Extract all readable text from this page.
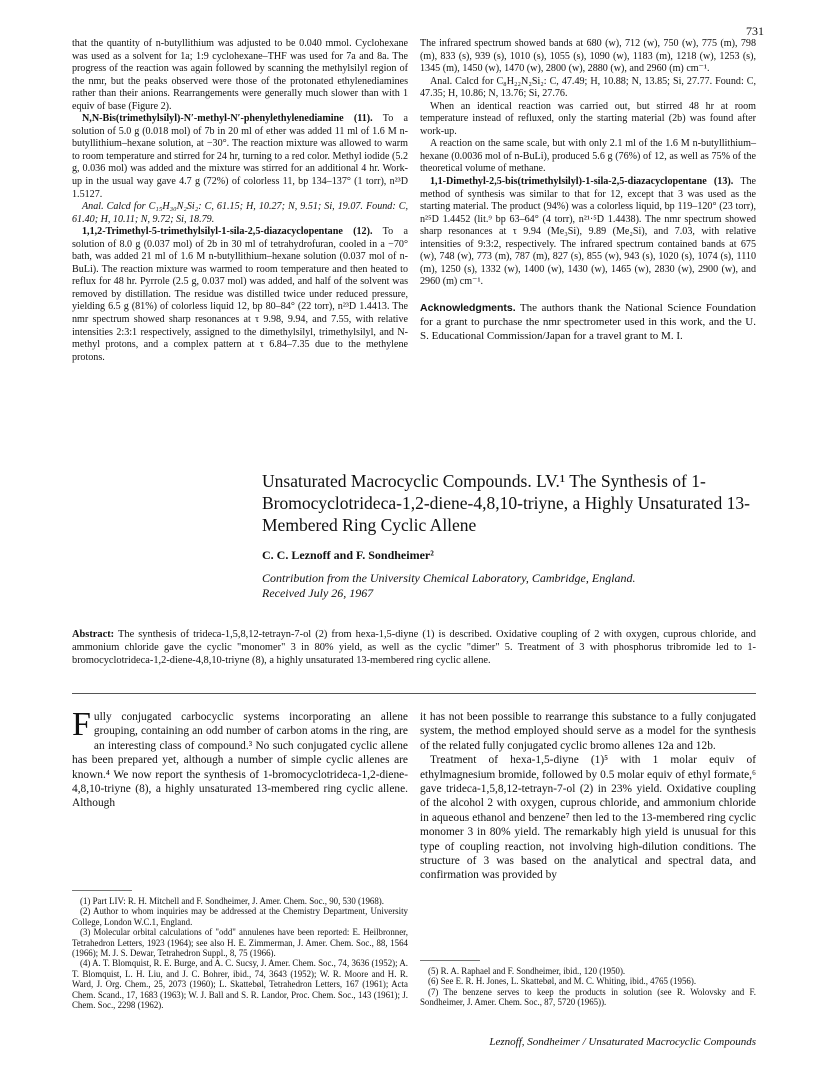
731

that the quantity of n-butyllithium was adjusted to be 0.040 mmol. Cyclohexane was used as a solvent for 1a; 1:9 cyclohexane–THF was used for 7a and 8a. The progress of the reaction was again followed by scanning the methylsilyl region of the nmr, but the peaks observed were those of the protonated ethylenediamines rather than their anions. Rearrangements were generally much slower than with 1 equiv of base (Figure 2).

N,N-Bis(trimethylsilyl)-N′-methyl-N′-phenylethylenediamine (11). To a solution of 5.0 g (0.018 mol) of 7b in 20 ml of ether was added 11 ml of 1.6 M n-butyllithium–hexane solution, at −30°. The reaction mixture was allowed to warm to room temperature and stirred for 24 hr, turning to a red color. Methyl iodide (5.2 g, 0.036 mol) was added and the mixture was stirred for an additional 4 hr. Work-up in the usual way gave 4.7 g (72%) of colorless 11, bp 134–137° (1 torr), n²³D 1.5127.

Anal. Calcd for C₁₅H₃₀N₂Si₂: C, 61.15; H, 10.27; N, 9.51; Si, 19.07. Found: C, 61.40; H, 10.11; N, 9.72; Si, 18.79.

1,1,2-Trimethyl-5-trimethylsilyl-1-sila-2,5-diazacyclopentane (12). To a solution of 8.0 g (0.037 mol) of 2b in 30 ml of tetrahydrofuran, cooled in a −70° bath, was added 21 ml of 1.6 M n-butyllithium–hexane solution (0.037 mol of n-BuLi). The reaction mixture was warmed to room temperature and then heated to reflux for 48 hr. Pyrrole (2.5 g, 0.037 mol) was added, and half of the solvent was removed by distillation. The residue was distilled twice under reduced pressure, yielding 6.5 g (81%) of colorless liquid 12, bp 80–84° (22 torr), n²³D 1.4413. The nmr spectrum showed sharp resonances at τ 9.98, 9.94, and 7.55, with relative intensities 2:3:1 respectively, assigned to the dimethylsilyl, trimethylsilyl, and N-methyl protons, and a complex pattern at τ 6.84–7.35 due to the methylene protons.

The infrared spectrum showed bands at 680 (w), 712 (w), 750 (w), 775 (m), 798 (m), 833 (s), 939 (s), 1010 (s), 1055 (s), 1090 (w), 1183 (m), 1218 (w), 1253 (s), 1345 (m), 1450 (w), 1470 (w), 2800 (w), 2880 (w), and 2960 (m) cm⁻¹.

Anal. Calcd for C₈H₂₂N₂Si₂: C, 47.49; H, 10.88; N, 13.85; Si, 27.77. Found: C, 47.35; H, 10.86; N, 13.76; Si, 27.76.

When an identical reaction was carried out, but stirred 48 hr at room temperature instead of refluxed, only the starting material (2b) was found after work-up.

A reaction on the same scale, but with only 2.1 ml of the 1.6 M n-butyllithium–hexane (0.0036 mol of n-BuLi), produced 5.6 g (76%) of 12, as well as 75% of the theoretical volume of methane.

1,1-Dimethyl-2,5-bis(trimethylsilyl)-1-sila-2,5-diazacyclopentane (13). The method of synthesis was similar to that for 12, except that 3 was used as the starting material. The product (94%) was a colorless liquid, bp 119–120° (23 torr), n²⁵D 1.4452 (lit.⁹ bp 63–64° (4 torr), n²¹·⁵D 1.4438). The nmr spectrum showed sharp resonances at τ 9.94 (Me₃Si), 9.89 (Me₂Si), and 7.03, with relative intensities of 9:3:2, respectively. The infrared spectrum contained bands at 675 (w), 748 (w), 773 (m), 787 (m), 827 (s), 855 (w), 943 (s), 1020 (s), 1074 (s), 1110 (m), 1250 (s), 1332 (w), 1400 (w), 1430 (w), 1465 (w), 2830 (w), 2900 (w), and 2960 (m) cm⁻¹.

Acknowledgments. The authors thank the National Science Foundation for a grant to purchase the nmr spectrometer used in this work, and the U. S. Educational Commission/Japan for a travel grant to M. I.

Unsaturated Macrocyclic Compounds. LV.¹ The Synthesis of 1-Bromocyclotrideca-1,2-diene-4,8,10-triyne, a Highly Unsaturated 13-Membered Ring Cyclic Allene

C. C. Leznoff and F. Sondheimer²

Contribution from the University Chemical Laboratory, Cambridge, England.
Received July 26, 1967

Abstract: The synthesis of trideca-1,5,8,12-tetrayn-7-ol (2) from hexa-1,5-diyne (1) is described. Oxidative coupling of 2 with oxygen, cuprous chloride, and ammonium chloride gave the cyclic "monomer" 3 in 80% yield, as well as the cyclic "dimer" 5. Treatment of 3 with phosphorus tribromide led to 1-bromocyclotrideca-1,2-diene-4,8,10-triyne (8), a highly unsaturated 13-membered ring cyclic allene.

Fully conjugated carbocyclic systems incorporating an allene grouping, containing an odd number of carbon atoms in the ring, are an interesting class of compound.³ No such conjugated cyclic allene has been prepared yet, although a number of simple cyclic allenes are known.⁴ We now report the synthesis of 1-bromocyclotrideca-1,2-diene-4,8,10-triyne (8), a highly unsaturated 13-membered ring cyclic allene. Although

it has not been possible to rearrange this substance to a fully conjugated system, the method employed should serve as a model for the synthesis of the related fully conjugated cyclic bromo allenes 12a and 12b.

Treatment of hexa-1,5-diyne (1)⁵ with 1 molar equiv of ethylmagnesium bromide, followed by 0.5 molar equiv of ethyl formate,⁶ gave trideca-1,5,8,12-tetrayn-7-ol (2) in 23% yield. Oxidative coupling of the alcohol 2 with oxygen, cuprous chloride, and ammonium chloride in aqueous ethanol and benzene⁷ then led to the 13-membered ring cyclic monomer 3 in 80% yield. The remarkably high yield is unusual for this type of coupling reaction, not involving high-dilution conditions. The structure of 3 was based on the analytical and spectral data, and confirmation was provided by

(1) Part LIV: R. H. Mitchell and F. Sondheimer, J. Amer. Chem. Soc., 90, 530 (1968).

(2) Author to whom inquiries may be addressed at the Chemistry Department, University College, London W.C.1, England.

(3) Molecular orbital calculations of "odd" annulenes have been reported: E. Heilbronner, Tetrahedron Letters, 1923 (1964); see also H. E. Zimmerman, J. Amer. Chem. Soc., 88, 1564 (1966); M. J. S. Dewar, Tetrahedron Suppl., 8, 75 (1966).

(4) A. T. Blomquist, R. E. Burge, and A. C. Sucsy, J. Amer. Chem. Soc., 74, 3636 (1952); A. T. Blomquist, L. H. Liu, and J. C. Bohrer, ibid., 74, 3643 (1952); W. R. Moore and H. R. Ward, J. Org. Chem., 25, 2073 (1960); L. Skattebøl, Tetrahedron Letters, 167 (1961); Acta Chem. Scand., 17, 1683 (1963); W. J. Ball and S. R. Landor, Proc. Chem. Soc., 143 (1961); J. Chem. Soc., 2298 (1962).

(5) R. A. Raphael and F. Sondheimer, ibid., 120 (1950).

(6) See E. R. H. Jones, L. Skattebøl, and M. C. Whiting, ibid., 4765 (1956).

(7) The benzene serves to keep the products in solution (see R. Wolovsky and F. Sondheimer, J. Amer. Chem. Soc., 87, 5720 (1965)).

Leznoff, Sondheimer / Unsaturated Macrocyclic Compounds
